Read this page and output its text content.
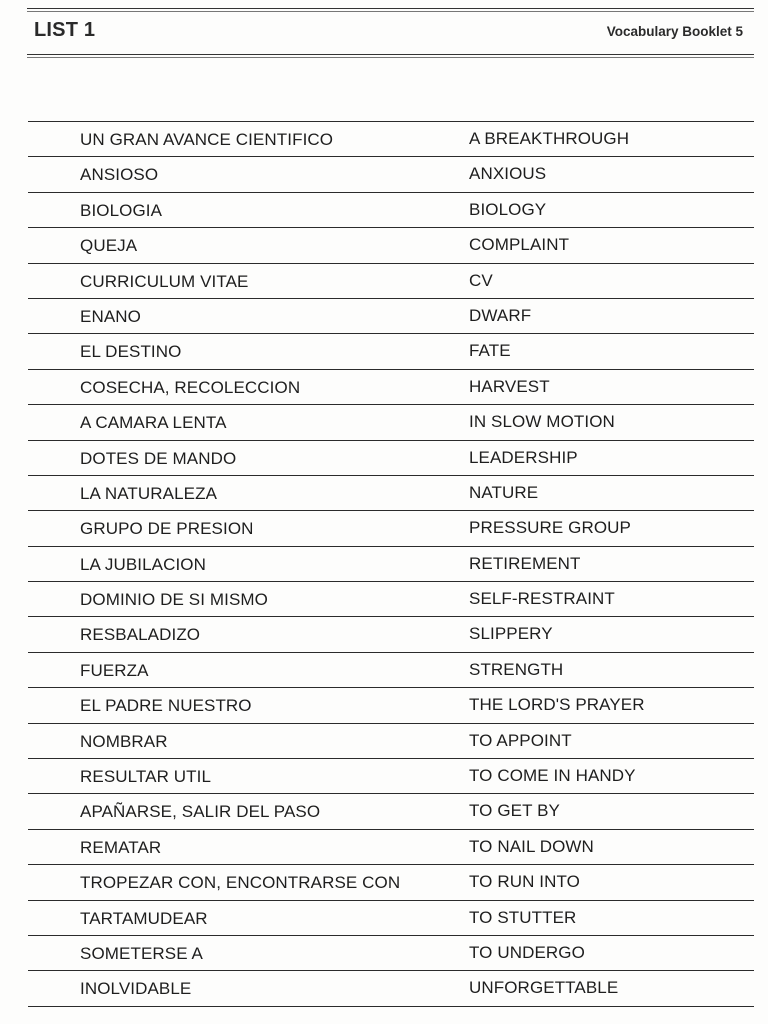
LIST 1	Vocabulary Booklet 5
UN GRAN AVANCE CIENTIFICO	A BREAKTHROUGH
ANSIOSO	ANXIOUS
BIOLOGIA	BIOLOGY
QUEJA	COMPLAINT
CURRICULUM VITAE	CV
ENANO	DWARF
EL DESTINO	FATE
COSECHA, RECOLECCION	HARVEST
A CAMARA LENTA	IN SLOW MOTION
DOTES DE MANDO	LEADERSHIP
LA NATURALEZA	NATURE
GRUPO DE PRESION	PRESSURE GROUP
LA JUBILACION	RETIREMENT
DOMINIO DE SI MISMO	SELF-RESTRAINT
RESBALADIZO	SLIPPERY
FUERZA	STRENGTH
EL PADRE NUESTRO	THE LORD'S PRAYER
NOMBRAR	TO APPOINT
RESULTAR UTIL	TO COME IN HANDY
APAÑARSE, SALIR DEL PASO	TO GET BY
REMATAR	TO NAIL DOWN
TROPEZAR CON, ENCONTRARSE CON	TO RUN INTO
TARTAMUDEAR	TO STUTTER
SOMETERSE A	TO UNDERGO
INOLVIDABLE	UNFORGETTABLE
